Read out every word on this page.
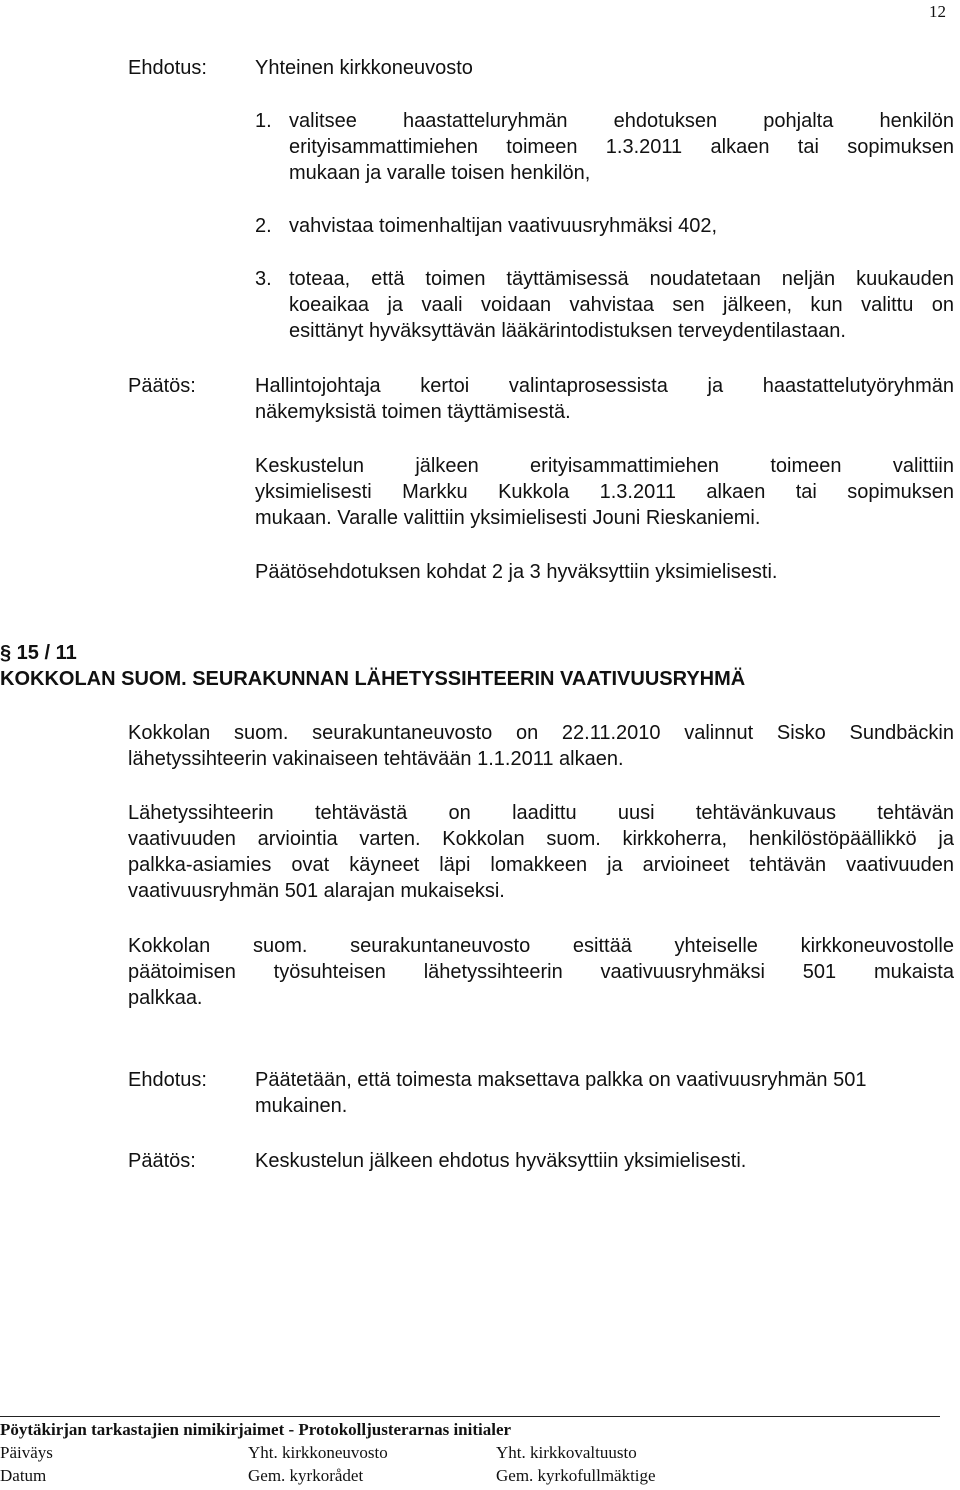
12
Ehdotus: Yhteinen kirkkoneuvosto
1. valitsee haastatteluryhmän ehdotuksen pohjalta henkilön
erityisammattimiehen toimeen 1.3.2011 alkaen tai sopimuksen
mukaan ja varalle toisen henkilön,
2. vahvistaa toimenhaltijan vaativuusryhmäksi 402,
3. toteaa, että toimen täyttämisessä noudatetaan neljän kuukauden
koeaikaa ja vaali voidaan vahvistaa sen jälkeen, kun valittu on
esittänyt hyväksyttävän lääkärintodistuksen terveydentilastaan.
Päätös:	Hallintojohtaja kertoi valintaprosessista ja haastattelutyöryhmän
näkemyksistä toimen täyttämisestä.
Keskustelun jälkeen erityisammattimiehen toimeen valittiin
yksimielisesti Markku Kukkola 1.3.2011 alkaen tai sopimuksen
mukaan. Varalle valittiin yksimielisesti Jouni Rieskaniemi.
Päätösehdotuksen kohdat 2 ja 3 hyväksyttiin yksimielisesti.
§ 15 / 11
KOKKOLAN SUOM. SEURAKUNNAN LÄHETYSSIHTEERIN VAATIVUUSRYHMÄ
Kokkolan suom. seurakuntaneuvosto on 22.11.2010 valinnut Sisko Sundbäckin
lähetyssihteerin vakinaiseen tehtävään 1.1.2011 alkaen.
Lähetyssihteerin tehtävästä on laadittu uusi tehtävänkuvaus tehtävän
vaativuuden arviointia varten. Kokkolan suom. kirkkoherra, henkilöstöpäällikkö ja
palkka-asiamies ovat käyneet läpi lomakkeen ja arvioineet tehtävän vaativuuden
vaativuusryhmän 501 alarajan mukaiseksi.
Kokkolan suom. seurakuntaneuvosto esittää yhteiselle kirkkoneuvostolle
päätoimisen työsuhteisen lähetyssihteerin vaativuusryhmäksi 501 mukaista
palkkaa.
Ehdotus: Päätetään, että toimesta maksettava palkka on vaativuusryhmän 501
mukainen.
Päätös:	Keskustelun jälkeen ehdotus hyväksyttiin yksimielisesti.
Pöytäkirjan tarkastajien nimikirjaimet - Protokolljusterarnas initialer
Päiväys	Yht. kirkkoneuvosto	Yht. kirkkovaltuusto
Datum	Gem. kyrkorådet	Gem. kyrkofullmäktige
